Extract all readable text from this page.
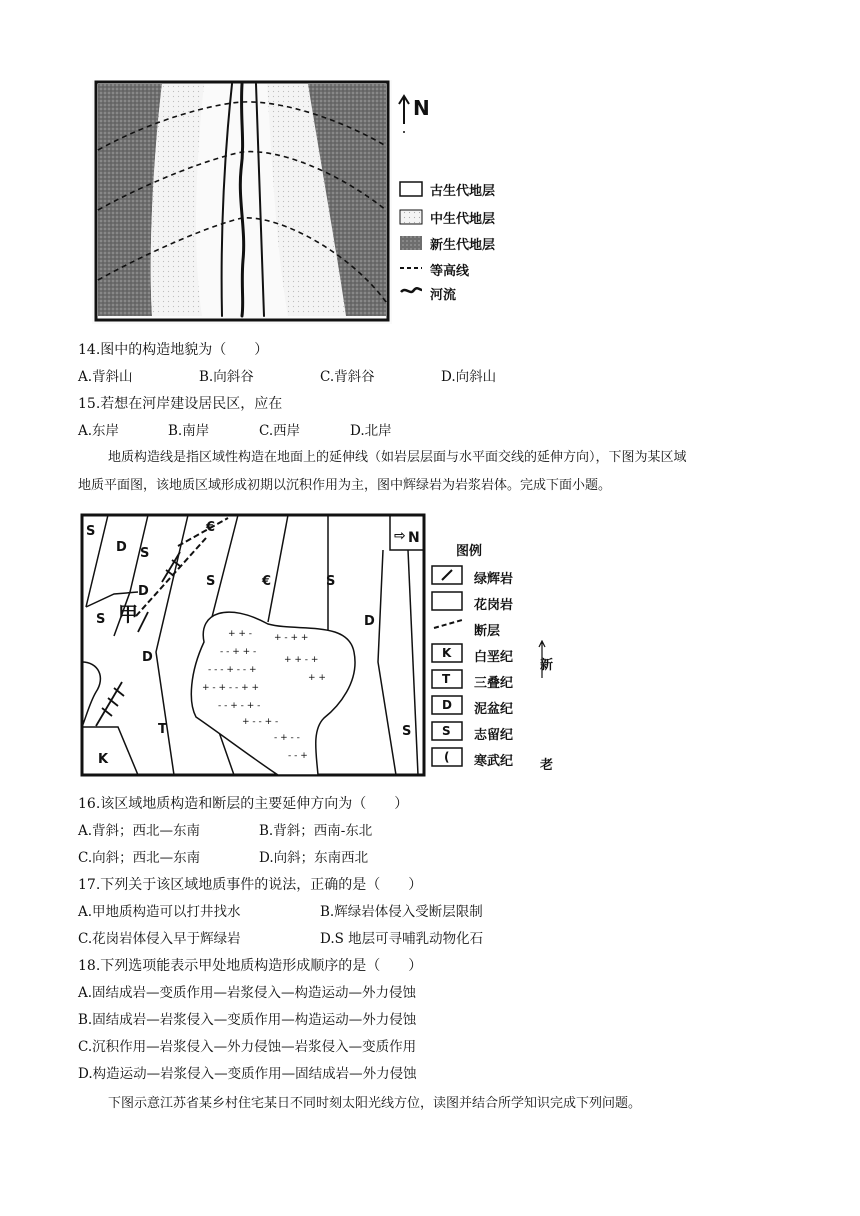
N
古生代地层
中生代地层
新生代地层
等高线
河流
14.图中的构造地貌为（　　）
A.背斜山	B.向斜谷	C.背斜谷	D.向斜山
15.若想在河岸建设居民区，应在
A.东岸	B.南岸	C.西岸	D.北岸
地质构造线是指区域性构造在地面上的延伸线（如岩层层面与水平面交线的延伸方向），下图为某区域
地质平面图，该地质区域形成初期以沉积作用为主，图中辉绿岩为岩浆岩体。完成下面小题。
+ + - + - + +
- - + + -
+ + - +
- - - + - - +
+ +
+ - + - - + +
- - + - + -
+ - - + -
- + - -
- - +
S
D S
€
S
D
S
€	S
D
T
K
S
D
甲
N
⇨
图例
K
T
D
S
(
绿辉岩
花岗岩
断层
白垩纪
三叠纪
泥盆纪
志留纪
寒武纪
新
老
16.该区域地质构造和断层的主要延伸方向为（　　）
A.背斜；西北—东南	B.背斜；西南-东北
C.向斜；西北—东南	D.向斜；东南西北
17.下列关于该区域地质事件的说法，正确的是（　　）
A.甲地质构造可以打井找水	B.辉绿岩体侵入受断层限制
C.花岗岩体侵入早于辉绿岩	D.S 地层可寻哺乳动物化石
18.下列选项能表示甲处地质构造形成顺序的是（　　）
A.固结成岩—变质作用—岩浆侵入—构造运动—外力侵蚀
B.固结成岩—岩浆侵入—变质作用—构造运动—外力侵蚀
C.沉积作用—岩浆侵入—外力侵蚀—岩浆侵入—变质作用
D.构造运动—岩浆侵入—变质作用—固结成岩—外力侵蚀
下图示意江苏省某乡村住宅某日不同时刻太阳光线方位，读图并结合所学知识完成下列问题。
